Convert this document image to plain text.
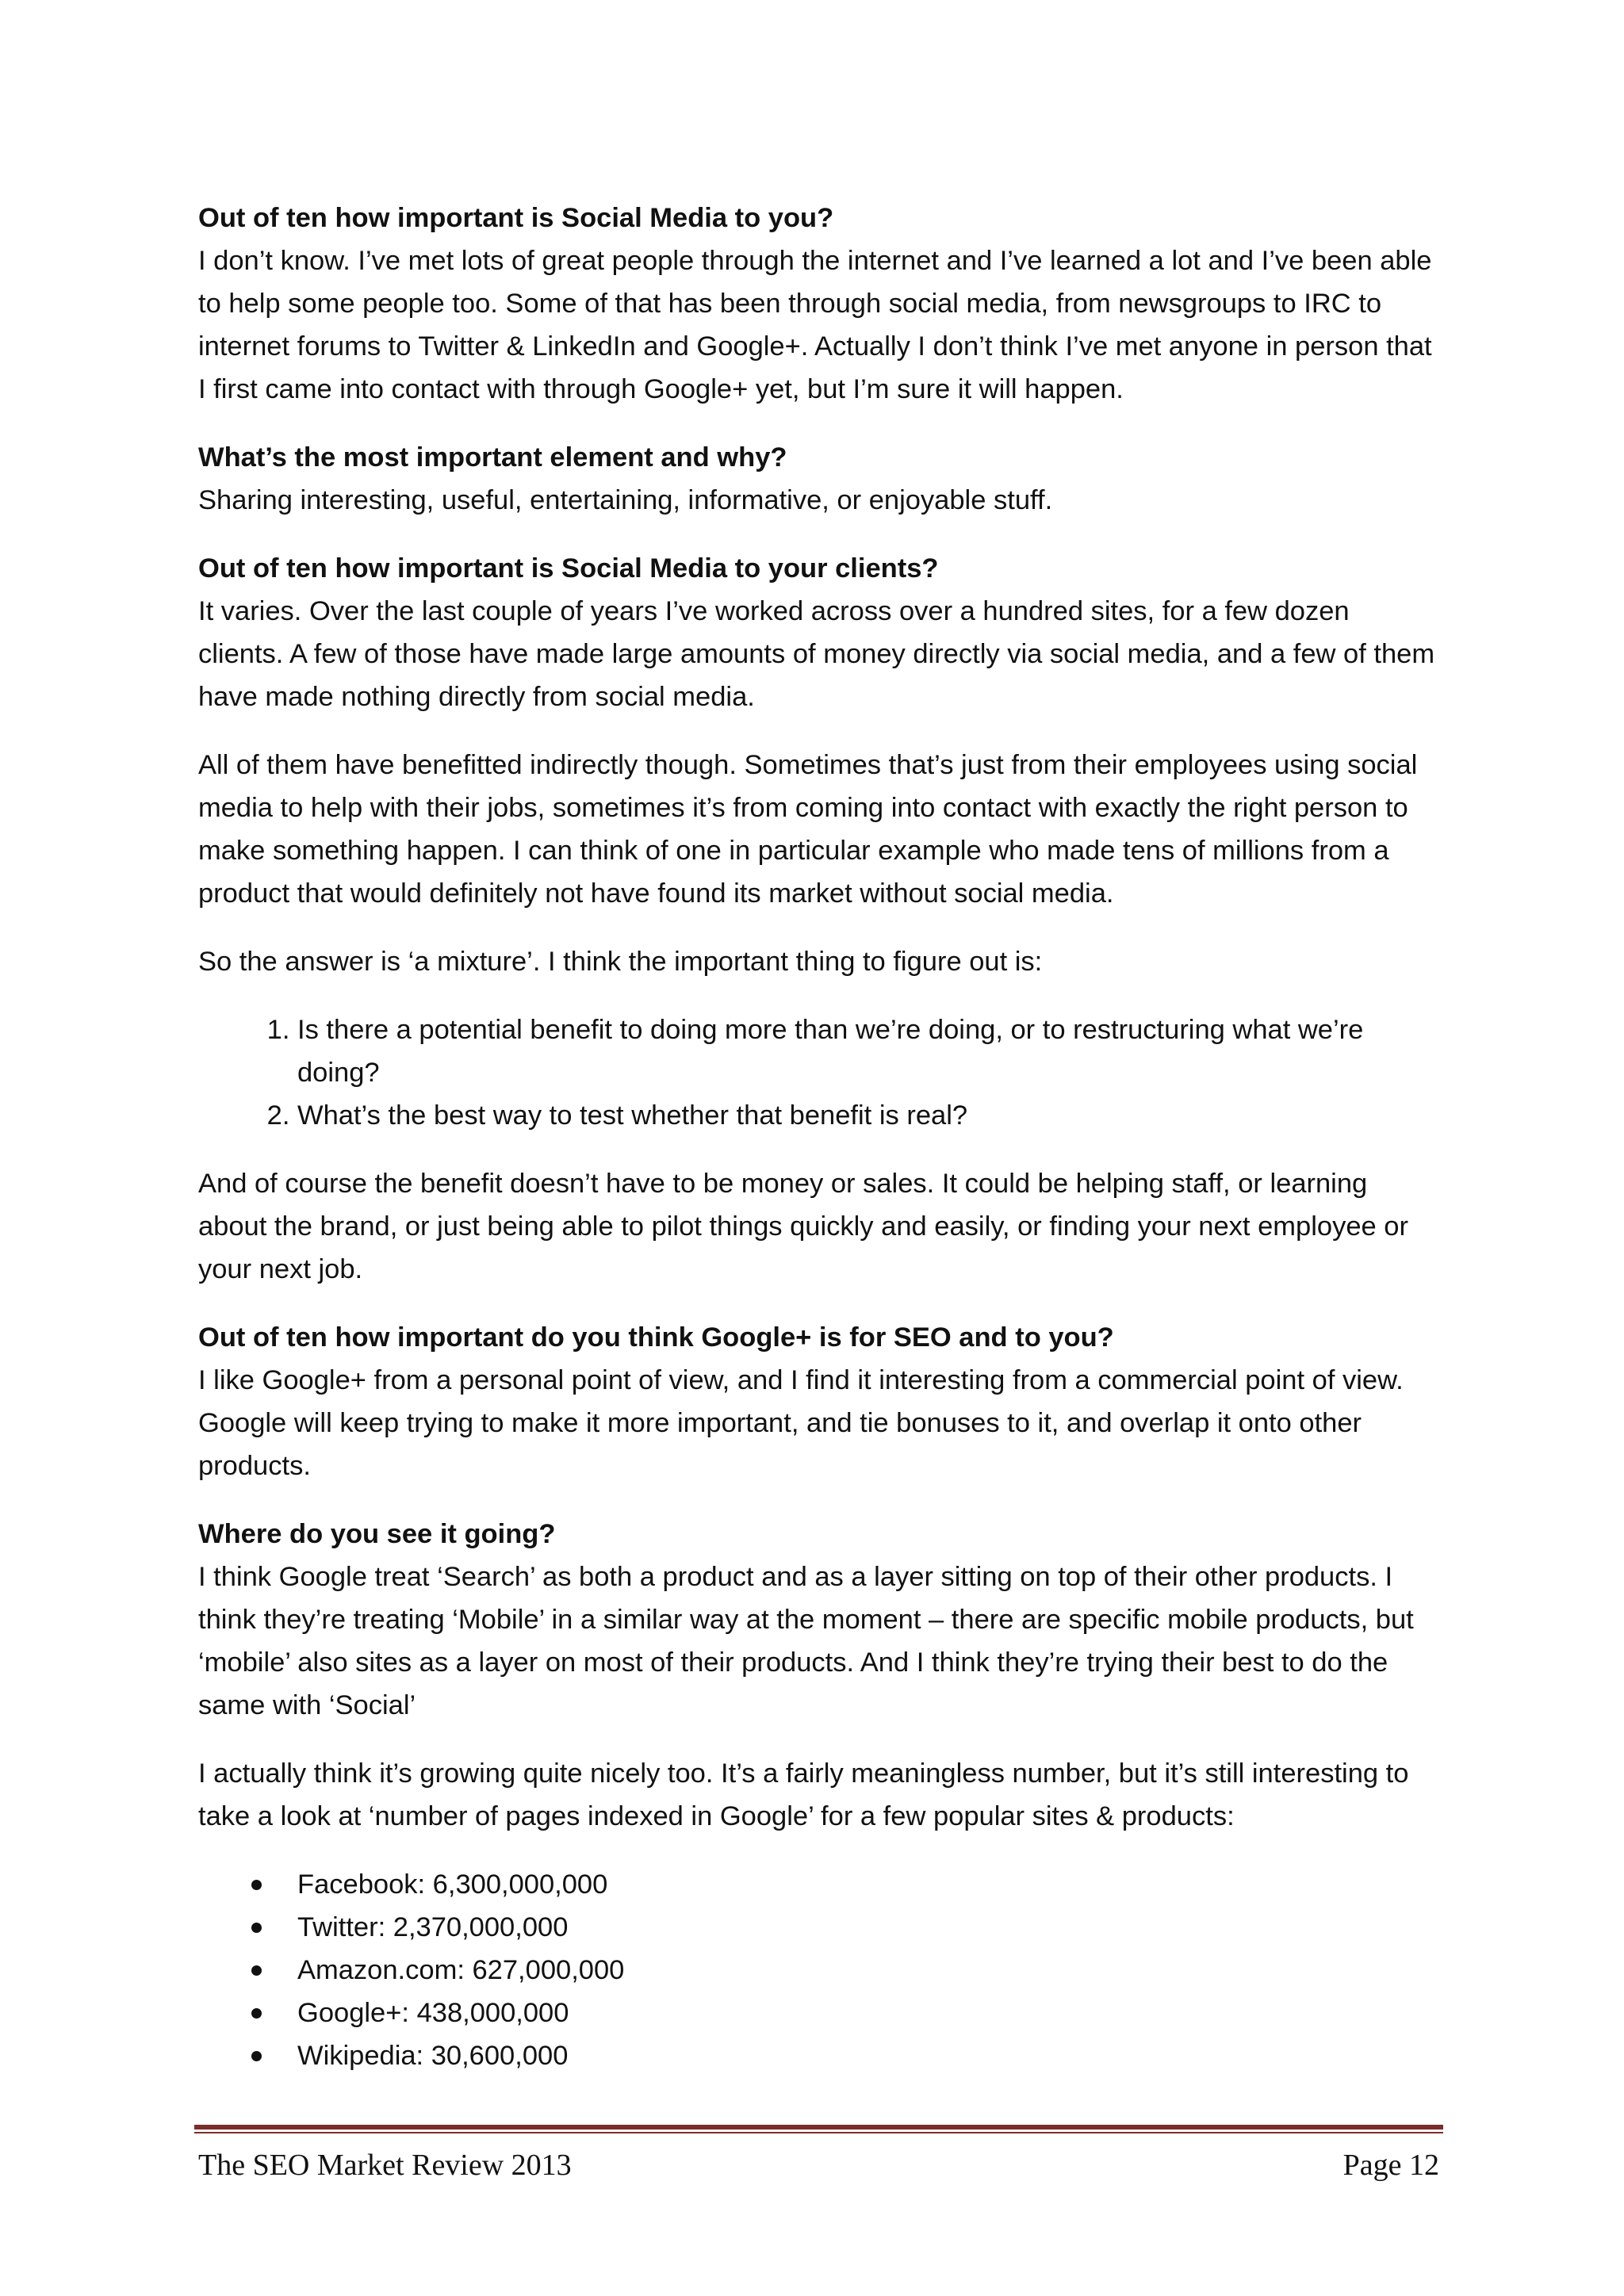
Out of ten how important is Social Media to you?

I don’t know. I’ve met lots of great people through the internet and I’ve learned a lot and I’ve been able to help some people too. Some of that has been through social media, from newsgroups to IRC to internet forums to Twitter & LinkedIn and Google+. Actually I don’t think I’ve met anyone in person that I first came into contact with through Google+ yet, but I’m sure it will happen.

What’s the most important element and why?

Sharing interesting, useful, entertaining, informative, or enjoyable stuff.

Out of ten how important is Social Media to your clients?

It varies. Over the last couple of years I’ve worked across over a hundred sites, for a few dozen clients. A few of those have made large amounts of money directly via social media, and a few of them have made nothing directly from social media.

All of them have benefitted indirectly though. Sometimes that’s just from their employees using social media to help with their jobs, sometimes it’s from coming into contact with exactly the right person to make something happen. I can think of one in particular example who made tens of millions from a product that would definitely not have found its market without social media.

So the answer is ‘a mixture’. I think the important thing to figure out is:

1. Is there a potential benefit to doing more than we’re doing, or to restructuring what we’re doing?
2. What’s the best way to test whether that benefit is real?

And of course the benefit doesn’t have to be money or sales. It could be helping staff, or learning about the brand, or just being able to pilot things quickly and easily, or finding your next employee or your next job.

Out of ten how important do you think Google+ is for SEO and to you?

I like Google+ from a personal point of view, and I find it interesting from a commercial point of view. Google will keep trying to make it more important, and tie bonuses to it, and overlap it onto other products.

Where do you see it going?

I think Google treat ‘Search’ as both a product and as a layer sitting on top of their other products. I think they’re treating ‘Mobile’ in a similar way at the moment – there are specific mobile products, but ‘mobile’ also sites as a layer on most of their products. And I think they’re trying their best to do the same with ‘Social’

I actually think it’s growing quite nicely too. It’s a fairly meaningless number, but it’s still interesting to take a look at ‘number of pages indexed in Google’ for a few popular sites & products:

Facebook: 6,300,000,000
Twitter: 2,370,000,000
Amazon.com: 627,000,000
Google+: 438,000,000
Wikipedia: 30,600,000
The SEO Market Review 2013	Page 12
